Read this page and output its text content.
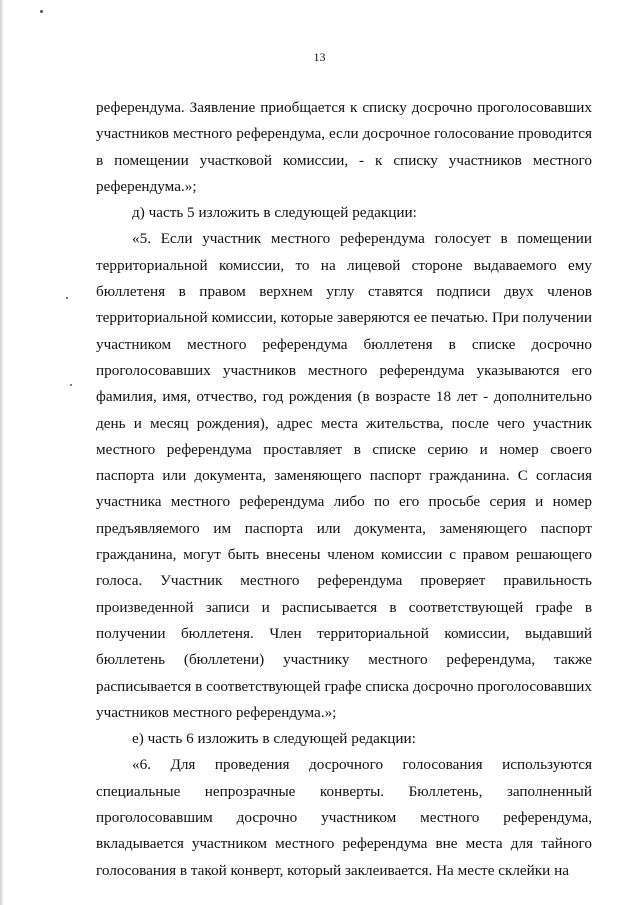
13

референдума. Заявление приобщается к списку досрочно проголосовавших участников местного референдума, если досрочное голосование проводится в помещении участковой комиссии, - к списку участников местного референдума.»;

д) часть 5 изложить в следующей редакции:

«5. Если участник местного референдума голосует в помещении территориальной комиссии, то на лицевой стороне выдаваемого ему бюллетеня в правом верхнем углу ставятся подписи двух членов территориальной комиссии, которые заверяются ее печатью. При получении участником местного референдума бюллетеня в списке досрочно проголосовавших участников местного референдума указываются его фамилия, имя, отчество, год рождения (в возрасте 18 лет - дополнительно день и месяц рождения), адрес места жительства, после чего участник местного референдума проставляет в списке серию и номер своего паспорта или документа, заменяющего паспорт гражданина. С согласия участника местного референдума либо по его просьбе серия и номер предъявляемого им паспорта или документа, заменяющего паспорт гражданина, могут быть внесены членом комиссии с правом решающего голоса. Участник местного референдума проверяет правильность произведенной записи и расписывается в соответствующей графе в получении бюллетеня. Член территориальной комиссии, выдавший бюллетень (бюллетени) участнику местного референдума, также расписывается в соответствующей графе списка досрочно проголосовавших участников местного референдума.»;

е) часть 6 изложить в следующей редакции:

«6. Для проведения досрочного голосования используются специальные непрозрачные конверты. Бюллетень, заполненный проголосовавшим досрочно участником местного референдума, вкладывается участником местного референдума вне места для тайного голосования в такой конверт, который заклеивается. На месте склейки на
